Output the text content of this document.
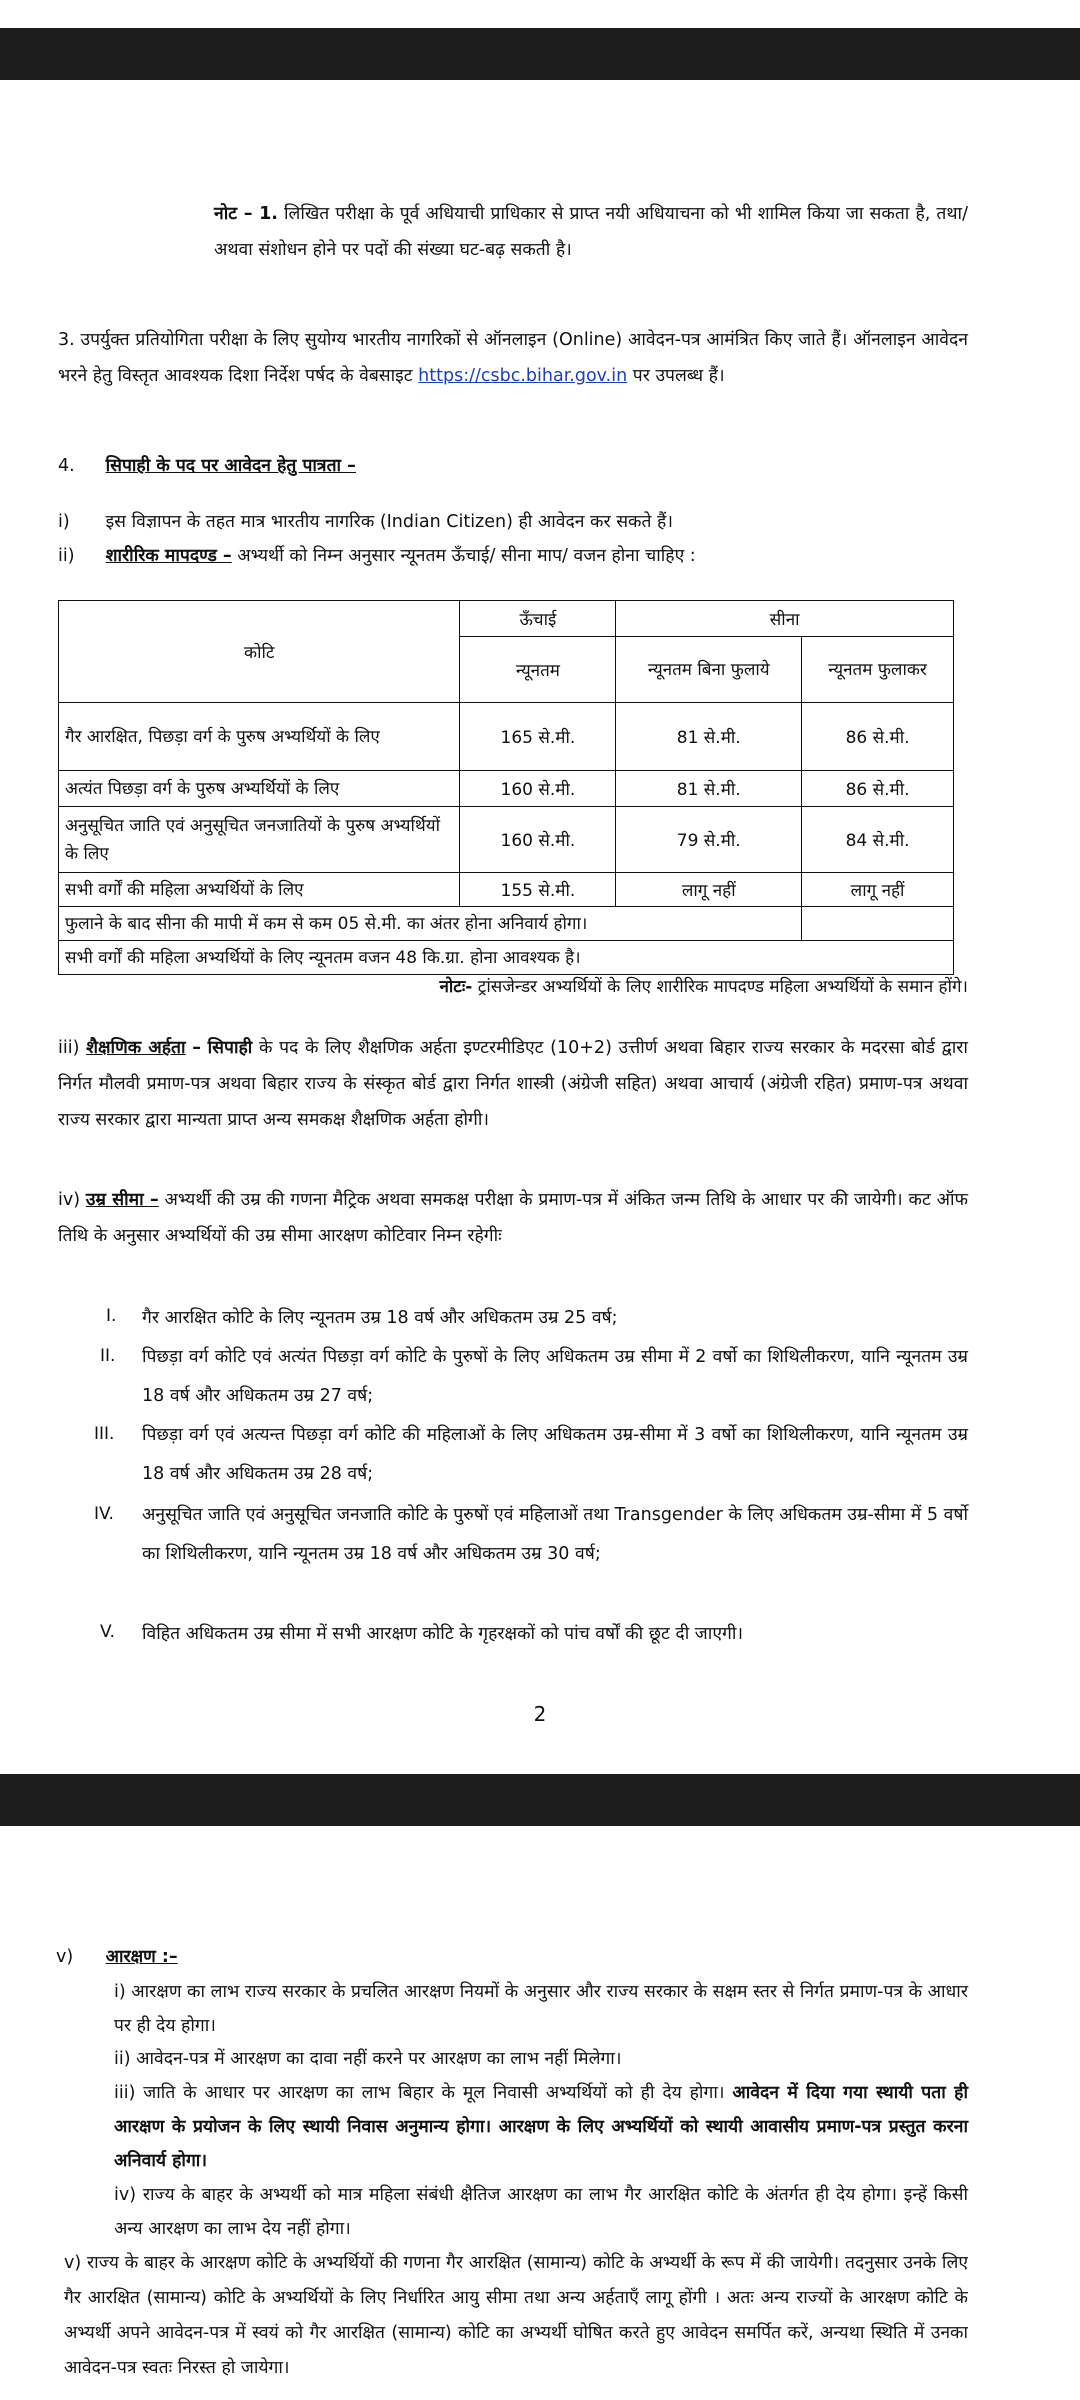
नोट – 1. लिखित परीक्षा के पूर्व अधियाची प्राधिकार से प्राप्त नयी अधियाचना को भी शामिल किया जा सकता है, तथा/ अथवा संशोधन होने पर पदों की संख्या घट-बढ़ सकती है।
3. उपर्युक्त प्रतियोगिता परीक्षा के लिए सुयोग्य भारतीय नागरिकों से ऑनलाइन (Online) आवेदन-पत्र आमंत्रित किए जाते हैं। ऑनलाइन आवेदन भरने हेतु विस्तृत आवश्यक दिशा निर्देश पर्षद के वेबसाइट https://csbc.bihar.gov.in पर उपलब्ध हैं।
4. सिपाही के पद पर आवेदन हेतु पात्रता –
i) इस विज्ञापन के तहत मात्र भारतीय नागरिक (Indian Citizen) ही आवेदन कर सकते हैं।
ii) शारीरिक मापदण्ड – अभ्यर्थी को निम्न अनुसार न्यूनतम ऊँचाई/ सीना माप/ वजन होना चाहिए :
कोटि	ऊँचाई	सीना	
	न्यूनतम	न्यूनतम बिना फुलाये	न्यूनतम फुलाकर
गैर आरक्षित, पिछड़ा वर्ग के पुरुष अभ्यर्थियों के लिए	165 से.मी.	81 से.मी.	86 से.मी.
अत्यंत पिछड़ा वर्ग के पुरुष अभ्यर्थियों के लिए	160 से.मी.	81 से.मी.	86 से.मी.
अनुसूचित जाति एवं अनुसूचित जनजातियों के पुरुष अभ्यर्थियों के लिए	160 से.मी.	79 से.मी.	84 से.मी.
सभी वर्गों की महिला अभ्यर्थियों के लिए	155 से.मी.	लागू नहीं	लागू नहीं
फुलाने के बाद सीना की मापी में कम से कम 05 से.मी. का अंतर होना अनिवार्य होगा।			
सभी वर्गों की महिला अभ्यर्थियों के लिए न्यूनतम वजन 48 कि.ग्रा. होना आवश्यक है।			
नोटः- ट्रांसजेन्डर अभ्यर्थियों के लिए शारीरिक मापदण्ड महिला अभ्यर्थियों के समान होंगे।
iii) शैक्षणिक अर्हता – सिपाही के पद के लिए शैक्षणिक अर्हता इण्टरमीडिएट (10+2) उत्तीर्ण अथवा बिहार राज्य सरकार के मदरसा बोर्ड द्वारा निर्गत मौलवी प्रमाण-पत्र अथवा बिहार राज्य के संस्कृत बोर्ड द्वारा निर्गत शास्त्री (अंग्रेजी सहित) अथवा आचार्य (अंग्रेजी रहित) प्रमाण-पत्र अथवा राज्य सरकार द्वारा मान्यता प्राप्त अन्य समकक्ष शैक्षणिक अर्हता होगी।
iv) उम्र सीमा – अभ्यर्थी की उम्र की गणना मैट्रिक अथवा समकक्ष परीक्षा के प्रमाण-पत्र में अंकित जन्म तिथि के आधार पर की जायेगी। कट ऑफ तिथि के अनुसार अभ्यर्थियों की उम्र सीमा आरक्षण कोटिवार निम्न रहेगीः
I. गैर आरक्षित कोटि के लिए न्यूनतम उम्र 18 वर्ष और अधिकतम उम्र 25 वर्ष;
II. पिछड़ा वर्ग कोटि एवं अत्यंत पिछड़ा वर्ग कोटि के पुरुषों के लिए अधिकतम उम्र सीमा में 2 वर्षो का शिथिलीकरण, यानि न्यूनतम उम्र 18 वर्ष और अधिकतम उम्र 27 वर्ष;
III. पिछड़ा वर्ग एवं अत्यन्त पिछड़ा वर्ग कोटि की महिलाओं के लिए अधिकतम उम्र-सीमा में 3 वर्षो का शिथिलीकरण, यानि न्यूनतम उम्र 18 वर्ष और अधिकतम उम्र 28 वर्ष;
IV. अनुसूचित जाति एवं अनुसूचित जनजाति कोटि के पुरुषों एवं महिलाओं तथा Transgender के लिए अधिकतम उम्र-सीमा में 5 वर्षो का शिथिलीकरण, यानि न्यूनतम उम्र 18 वर्ष और अधिकतम उम्र 30 वर्ष;
V. विहित अधिकतम उम्र सीमा में सभी आरक्षण कोटि के गृहरक्षकों को पांच वर्षों की छूट दी जाएगी।
2
v) आरक्षण :–
i) आरक्षण का लाभ राज्य सरकार के प्रचलित आरक्षण नियमों के अनुसार और राज्य सरकार के सक्षम स्तर से निर्गत प्रमाण-पत्र के आधार पर ही देय होगा।
ii) आवेदन-पत्र में आरक्षण का दावा नहीं करने पर आरक्षण का लाभ नहीं मिलेगा।
iii) जाति के आधार पर आरक्षण का लाभ बिहार के मूल निवासी अभ्यर्थियों को ही देय होगा। आवेदन में दिया गया स्थायी पता ही आरक्षण के प्रयोजन के लिए स्थायी निवास अनुमान्य होगा। आरक्षण के लिए अभ्यर्थियों को स्थायी आवासीय प्रमाण-पत्र प्रस्तुत करना अनिवार्य होगा।
iv) राज्य के बाहर के अभ्यर्थी को मात्र महिला संबंधी क्षैतिज आरक्षण का लाभ गैर आरक्षित कोटि के अंतर्गत ही देय होगा। इन्हें किसी अन्य आरक्षण का लाभ देय नहीं होगा।
v) राज्य के बाहर के आरक्षण कोटि के अभ्यर्थियों की गणना गैर आरक्षित (सामान्य) कोटि के अभ्यर्थी के रूप में की जायेगी। तदनुसार उनके लिए गैर आरक्षित (सामान्य) कोटि के अभ्यर्थियों के लिए निर्धारित आयु सीमा तथा अन्य अर्हताएँ लागू होंगी । अतः अन्य राज्यों के आरक्षण कोटि के अभ्यर्थी अपने आवेदन-पत्र में स्वयं को गैर आरक्षित (सामान्य) कोटि का अभ्यर्थी घोषित करते हुए आवेदन समर्पित करें, अन्यथा स्थिति में उनका आवेदन-पत्र स्वतः निरस्त हो जायेगा।
